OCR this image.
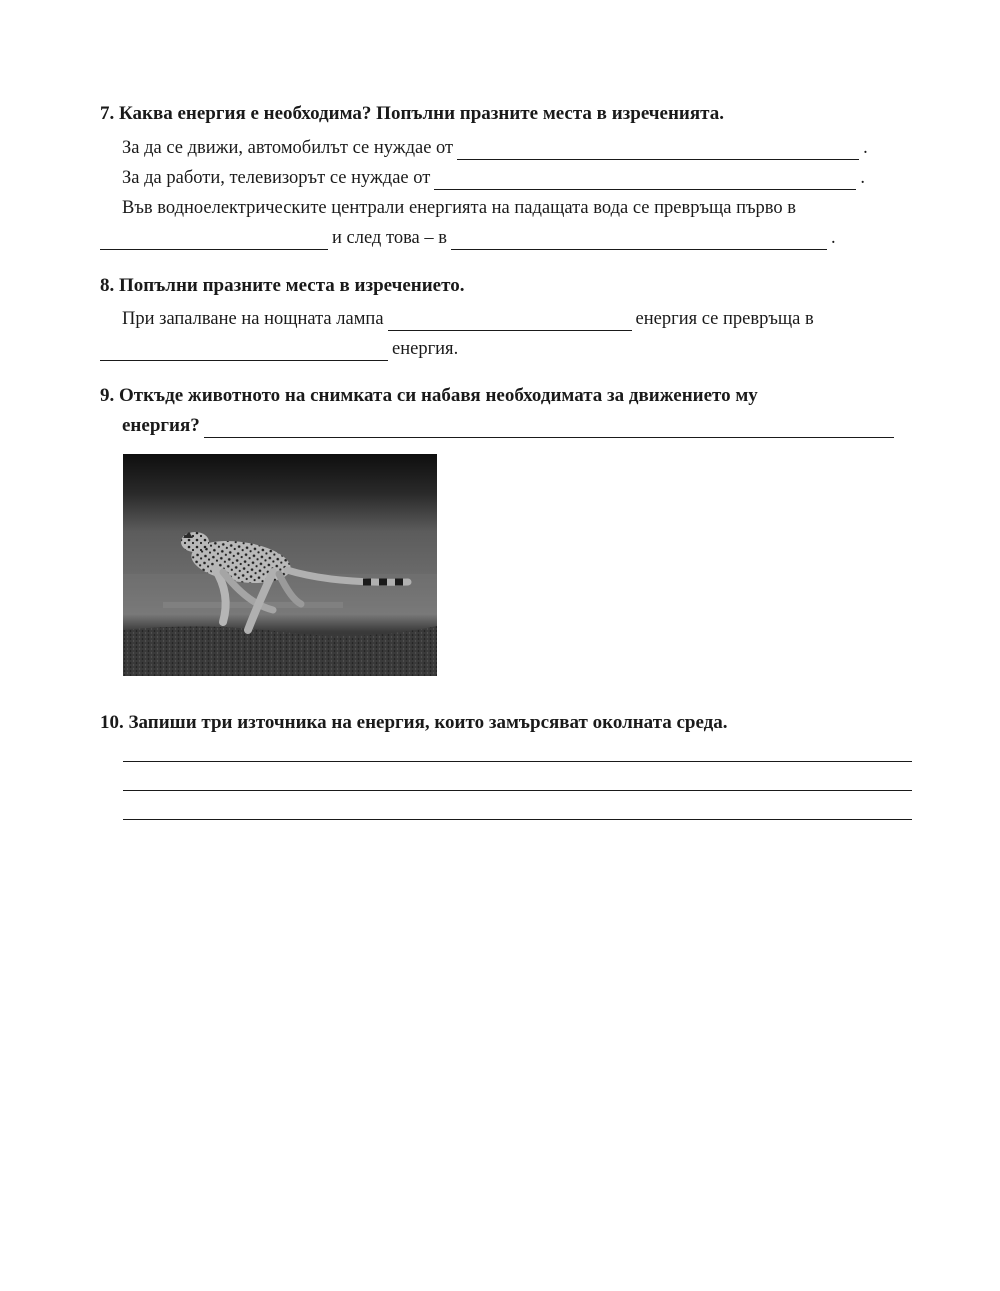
7. Каква енергия е необходима? Попълни празните места в изреченията.
За да се движи, автомобилът се нуждае от	.
За да работи, телевизорът се нуждае от	.
Във водноелектрическите централи енергията на падащата вода се превръща първо в
и след това – в	.
8. Попълни празните места в изречението.
При запалване на нощната лампа	енергия се превръща в
енергия.
9. Откъде животното на снимката си набавя необходимата за движението му
енергия?
10. Запиши три източника на енергия, които замърсяват околната среда.
